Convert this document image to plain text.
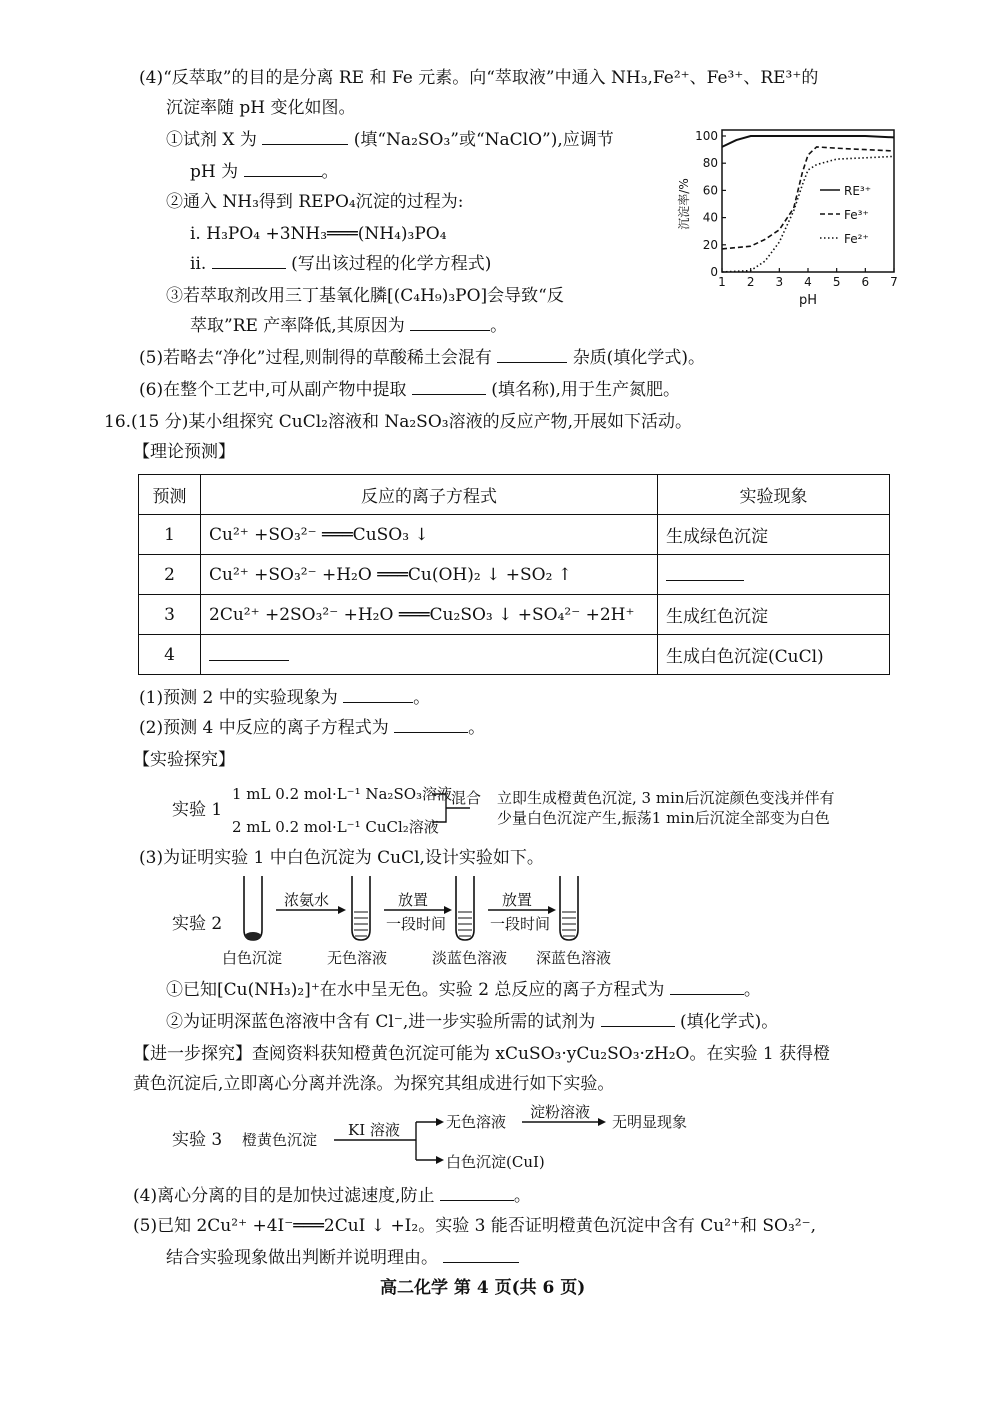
(4)“反萃取”的目的是分离 RE 和 Fe 元素。向“萃取液”中通入 NH₃,Fe²⁺、Fe³⁺、RE³⁺的
沉淀率随 pH 变化如图。
①试剂 X 为	(填“Na₂SO₃”或“NaClO”),应调节
pH 为	。
②通入 NH₃得到 REPO₄沉淀的过程为:
ⅰ. H₃PO₄ +3NH₃═══(NH₄)₃PO₄
ⅱ.	(写出该过程的化学方程式)
③若萃取剂改用三丁基氧化膦[(C₄H₉)₃PO]会导致“反
萃取”RE 产率降低,其原因为	。
1 2 3 4 5 6 7
0
20
40
60
80
100
pH
沉淀率/%	RE³⁺
Fe³⁺
Fe²⁺
(5)若略去“净化”过程,则制得的草酸稀土会混有	杂质(填化学式)。
(6)在整个工艺中,可从副产物中提取	(填名称),用于生产氮肥。
16.(15 分)某小组探究 CuCl₂溶液和 Na₂SO₃溶液的反应产物,开展如下活动。
【理论预测】
预测	反应的离子方程式	实验现象
1	Cu²⁺ +SO₃²⁻ ═══CuSO₃ ↓	生成绿色沉淀
2	Cu²⁺ +SO₃²⁻ +H₂O ═══Cu(OH)₂ ↓ +SO₂ ↑	
3	2Cu²⁺ +2SO₃²⁻ +H₂O ═══Cu₂SO₃ ↓ +SO₄²⁻ +2H⁺	生成红色沉淀
4		生成白色沉淀(CuCl)
(1)预测 2 中的实验现象为	。
(2)预测 4 中反应的离子方程式为	。
【实验探究】
实验 1
1 mL 0.2 mol·L⁻¹ Na₂SO₃溶液
2 mL 0.2 mol·L⁻¹ CuCl₂溶液
混合 立即生成橙黄色沉淀, 3 min后沉淀颜色变浅并伴有
少量白色沉淀产生,振荡1 min后沉淀全部变为白色
(3)为证明实验 1 中白色沉淀为 CuCl,设计实验如下。
实验 2
浓氨水	放置
一段时间
放置
一段时间
白色沉淀	无色溶液	淡蓝色溶液 深蓝色溶液
①已知[Cu(NH₃)₂]⁺在水中呈无色。实验 2 总反应的离子方程式为	。
②为证明深蓝色溶液中含有 Cl⁻,进一步实验所需的试剂为	(填化学式)。
【进一步探究】查阅资料获知橙黄色沉淀可能为 xCuSO₃·yCu₂SO₃·zH₂O。在实验 1 获得橙
黄色沉淀后,立即离心分离并洗涤。为探究其组成进行如下实验。
实验 3 橙黄色沉淀
KI 溶液	无色溶液
淀粉溶液
无明显现象
白色沉淀(CuI)
(4)离心分离的目的是加快过滤速度,防止	。
(5)已知 2Cu²⁺ +4I⁻═══2CuI ↓ +I₂。实验 3 能否证明橙黄色沉淀中含有 Cu²⁺和 SO₃²⁻,
结合实验现象做出判断并说明理由。
高二化学 第 4 页(共 6 页)
